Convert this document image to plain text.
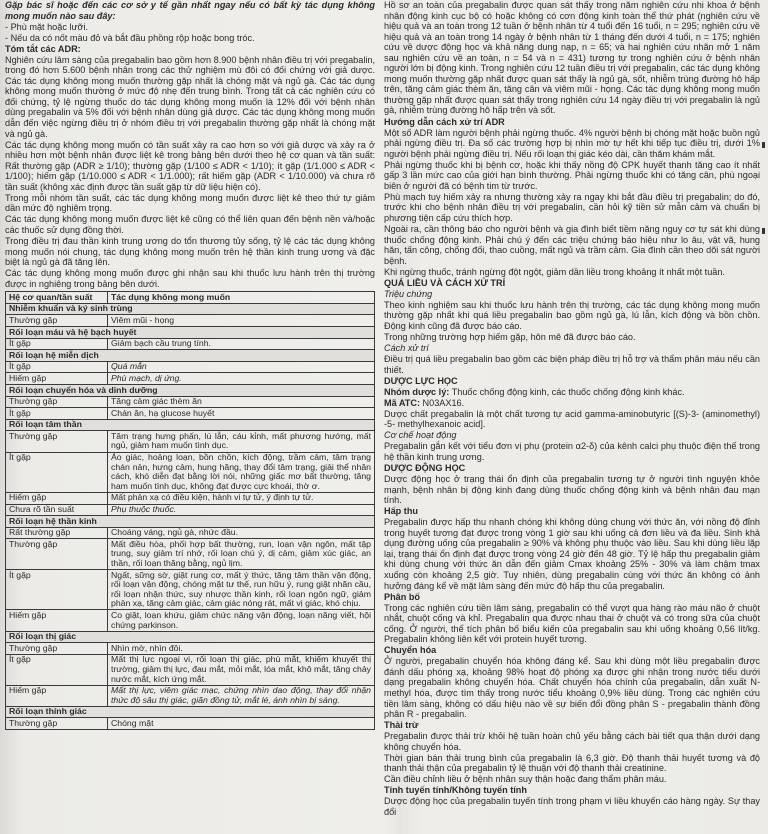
Gặp bác sĩ hoặc đến các cơ sở y tế gần nhất ngay nếu có bất kỳ tác dụng không mong muốn nào sau đây:

- Phù mặt hoặc lưỡi.

- Nếu da có nốt màu đỏ và bắt đầu phồng rộp hoặc bong tróc.

Tóm tắt các ADR:

Nghiên cứu lâm sàng của pregabalin bao gồm hơn 8.900 bệnh nhân điều trị với pregabalin, trong đó hơn 5.600 bệnh nhân trong các thử nghiệm mù đôi có đối chứng với giả dược. Các tác dụng không mong muốn thường gặp nhất là chóng mặt và ngủ gà. Các tác dụng không mong muốn thường ở mức độ nhẹ đến trung bình. Trong tất cả các nghiên cứu có đối chứng, tỷ lệ ngừng thuốc do tác dụng không mong muốn là 12% đối với bệnh nhân dùng pregabalin và 5% đối với bệnh nhân dùng giả dược. Các tác dụng không mong muốn dẫn đến việc ngừng điều trị ở nhóm điều trị với pregabalin thường gặp nhất là chóng mặt và ngủ gà.

Các tác dụng không mong muốn có tần suất xảy ra cao hơn so với giả dược và xảy ra ở nhiều hơn một bệnh nhân được liệt kê trong bảng bên dưới theo hệ cơ quan và tần suất: Rất thường gặp (ADR ≥ 1/10); thường gặp (1/100 ≤ ADR < 1/10); ít gặp (1/1.000 ≤ ADR < 1/100); hiếm gặp (1/10.000 ≤ ADR < 1/1.000); rất hiếm gặp (ADR < 1/10.000) và chưa rõ tần suất (không xác định được tần suất gặp từ dữ liệu hiện có).

Trong mỗi nhóm tần suất, các tác dụng không mong muốn được liệt kê theo thứ tự giảm dần mức độ nghiêm trọng.

Các tác dụng không mong muốn được liệt kê cũng có thể liên quan đến bệnh nền và/hoặc các thuốc sử dụng đồng thời.

Trong điều trị đau thần kinh trung ương do tổn thương tủy sống, tỷ lệ các tác dụng không mong muốn nói chung, tác dụng không mong muốn trên hệ thần kinh trung ương và đặc biệt là ngủ gà đã tăng lên.

Các tác dụng không mong muốn được ghi nhận sau khi thuốc lưu hành trên thị trường được in nghiêng trong bảng bên dưới.

Hệ cơ quan/tần suất	Tác dụng không mong muốn
Nhiễm khuẩn và ký sinh trùng	
Thường gặp	Viêm mũi - họng
Rối loạn máu và hệ bạch huyết	
Ít gặp	Giảm bạch cầu trung tính.
Rối loạn hệ miễn dịch	
Ít gặp	Quá mẫn
Hiếm gặp	Phù mạch, dị ứng.
Rối loạn chuyển hóa và dinh dưỡng	
Thường gặp	Tăng cảm giác thèm ăn
Ít gặp	Chán ăn, hạ glucose huyết
Rối loạn tâm thần	
Thường gặp	Tâm trạng hưng phấn, lú lẫn, cáu kỉnh, mất phương hướng, mất ngủ, giảm ham muốn tình dục.
Ít gặp	Ảo giác, hoảng loạn, bồn chồn, kích động, trầm cảm, tâm trạng chán nản, hưng cảm, hung hăng, thay đổi tâm trạng, giải thể nhân cách, khó diễn đạt bằng lời nói, những giấc mơ bất thường, tăng ham muốn tình dục, không đạt được cực khoái, thờ ơ.
Hiếm gặp	Mất phản xạ có điều kiện, hành vi tự tử, ý định tự tử.
Chưa rõ tần suất	Phụ thuộc thuốc.
Rối loạn hệ thần kinh	
Rất thường gặp	Choáng váng, ngủ gà, nhức đầu.
Thường gặp	Mất điều hòa, phối hợp bất thường, run, loạn vận ngôn, mất tập trung, suy giảm trí nhớ, rối loạn chú ý, dị cảm, giảm xúc giác, an thần, rối loạn thăng bằng, ngủ lịm.
Ít gặp	Ngất, sững sờ, giật rung cơ, mất ý thức, tăng tâm thần vận động, rối loạn vận động, chóng mặt tư thế, run hữu ý, rung giật nhãn cầu, rối loạn nhận thức, suy nhược thần kinh, rối loạn ngôn ngữ, giảm phản xạ, tăng cảm giác, cảm giác nóng rát, mất vị giác, khó chịu.
Hiếm gặp	Co giật, loạn khứu, giảm chức năng vận động, loạn năng viết, hội chứng parkinson.
Rối loạn thị giác	
Thường gặp	Nhìn mờ, nhìn đôi.
Ít gặp	Mất thị lực ngoại vi, rối loạn thị giác, phù mắt, khiếm khuyết thị trường, giảm thị lực, đau mắt, mỏi mắt, lóa mắt, khô mắt, tăng chảy nước mắt, kích ứng mắt.
Hiếm gặp	Mất thị lực, viêm giác mạc, chứng nhìn dao động, thay đổi nhận thức độ sâu thị giác, giãn đồng tử, mắt lé, ánh nhìn bị sáng.
Rối loạn thính giác	
Thường gặp	Chóng mặt

Hồ sơ an toàn của pregabalin được quan sát thấy trong năm nghiên cứu nhi khoa ở bệnh nhân động kinh cục bộ có hoặc không có cơn động kinh toàn thể thứ phát (nghiên cứu về hiệu quả và an toàn trong 12 tuần ở bệnh nhân từ 4 tuổi đến 16 tuổi, n = 295; nghiên cứu về hiệu quả và an toàn trong 14 ngày ở bệnh nhân từ 1 tháng đến dưới 4 tuổi, n = 175; nghiên cứu về dược động học và khả năng dung nạp, n = 65; và hai nghiên cứu nhãn mở 1 năm sau nghiên cứu về an toàn, n = 54 và n = 431) tương tự trong nghiên cứu ở bệnh nhân người lớn bị động kinh. Trong nghiên cứu 12 tuần điều trị với pregabalin, các tác dụng không mong muốn thường gặp nhất được quan sát thấy là ngủ gà, sốt, nhiễm trùng đường hô hấp trên, tăng cảm giác thèm ăn, tăng cân và viêm mũi - họng. Các tác dụng không mong muốn thường gặp nhất được quan sát thấy trong nghiên cứu 14 ngày điều trị với pregabalin là ngủ gà, nhiễm trùng đường hô hấp trên và sốt.

Hướng dẫn cách xử trí ADR

Một số ADR làm người bệnh phải ngừng thuốc. 4% người bệnh bị chóng mặt hoặc buồn ngủ phải ngừng điều trị. Đa số các trường hợp bị nhìn mờ tự hết khi tiếp tục điều trị, dưới 1% người bệnh phải ngừng điều trị. Nếu rối loạn thị giác kéo dài, cần thăm khám mắt.

Phải ngừng thuốc khi bị bệnh cơ, hoặc khi thấy nồng độ CPK huyết thanh tăng cao ít nhất gấp 3 lần mức cao của giới hạn bình thường. Phải ngừng thuốc khi có tăng cân, phù ngoại biên ở người đã có bệnh tim từ trước.

Phù mạch tuy hiếm xảy ra nhưng thường xảy ra ngay khi bắt đầu điều trị pregabalin; do đó, trước khi cho bệnh nhân điều trị với pregabalin, cần hỏi kỹ tiền sử mẫn cảm và chuẩn bị phương tiện cấp cứu thích hợp.

Ngoài ra, cần thông báo cho người bệnh và gia đình biết tiềm năng nguy cơ tự sát khi dùng thuốc chống động kinh. Phải chú ý đến các triệu chứng báo hiệu như lo âu, vật vã, hung hăn, tấn công, chống đối, thao cuồng, mất ngủ và trầm cảm. Gia đình cần theo dõi sát người bệnh.

Khi ngừng thuốc, tránh ngừng đột ngột, giảm dần liều trong khoảng ít nhất một tuần.

QUÁ LIỀU VÀ CÁCH XỬ TRÍ

Triệu chứng

Theo kinh nghiệm sau khi thuốc lưu hành trên thị trường, các tác dụng không mong muốn thường gặp nhất khi quá liều pregabalin bao gồm ngủ gà, lú lẫn, kích động và bồn chồn. Động kinh cũng đã được báo cáo.

Trong những trường hợp hiếm gặp, hôn mê đã được báo cáo.

Cách xử trí

Điều trị quá liều pregabalin bao gồm các biện pháp điều trị hỗ trợ và thẩm phân máu nếu cần thiết.

DƯỢC LỰC HỌC

Nhóm dược lý: Thuốc chống động kinh, các thuốc chống động kinh khác.

Mã ATC: N03AX16.

Dược chất pregabalin là một chất tương tự acid gamma-aminobutyric [(S)-3- (aminomethyl) -5- methylhexanoic acid].

Cơ chế hoạt động

Pregabalin gắn kết với tiểu đơn vị phụ (protein α2-δ) của kênh calci phụ thuộc điện thế trong hệ thần kinh trung ương.

DƯỢC ĐỘNG HỌC

Dược động học ở trạng thái ổn định của pregabalin tương tự ở người tình nguyện khỏe mạnh, bệnh nhân bị động kinh đang dùng thuốc chống động kinh và bệnh nhân đau mạn tính.

Hấp thu

Pregabalin được hấp thu nhanh chóng khi không dùng chung với thức ăn, với nồng độ đỉnh trong huyết tương đạt được trong vòng 1 giờ sau khi uống cả đơn liều và đa liều. Sinh khả dụng đường uống của pregabalin ≥ 90% và không phụ thuộc vào liều. Sau khi dùng liều lặp lại, trạng thái ổn định đạt được trong vòng 24 giờ đến 48 giờ. Tỷ lệ hấp thu pregabalin giảm khi dùng chung với thức ăn dẫn đến giảm Cmax khoảng 25% - 30% và làm chậm tmax xuống còn khoảng 2,5 giờ. Tuy nhiên, dùng pregabalin cùng với thức ăn không có ảnh hưởng đáng kể về mặt lâm sàng đến mức độ hấp thu của pregabalin.

Phân bố

Trong các nghiên cứu tiền lâm sàng, pregabalin có thể vượt qua hàng rào máu não ở chuột nhắt, chuột cống và khỉ. Pregabalin qua được nhau thai ở chuột và có trong sữa của chuột cống. Ở người, thể tích phân bố biểu kiến của pregabalin sau khi uống khoảng 0,56 lít/kg. Pregabalin không liên kết với protein huyết tương.

Chuyển hóa

Ở người, pregabalin chuyển hóa không đáng kể. Sau khi dùng một liều pregabalin được đánh dấu phóng xạ, khoảng 98% hoạt độ phóng xạ được ghi nhận trong nước tiểu dưới dạng pregabalin không chuyển hóa. Chất chuyển hóa chính của pregabalin, dẫn xuất N-methyl hóa, được tìm thấy trong nước tiểu khoảng 0,9% liều dùng. Trong các nghiên cứu tiền lâm sàng, không có dấu hiệu nào về sự biến đổi đồng phân S - pregabalin thành đồng phân R - pregabalin.

Thải trừ

Pregabalin được thải trừ khỏi hệ tuần hoàn chủ yếu bằng cách bài tiết qua thận dưới dạng không chuyển hóa.

Thời gian bán thải trung bình của pregabalin là 6,3 giờ. Độ thanh thải huyết tương và độ thanh thải thận của pregabalin tỷ lệ thuận với độ thanh thải creatinine.

Cần điều chỉnh liều ở bệnh nhân suy thận hoặc đang thẩm phân máu.

Tính tuyến tính/Không tuyến tính

Dược động học của pregabalin tuyến tính trong phạm vi liều khuyến cáo hàng ngày. Sự thay đổi
